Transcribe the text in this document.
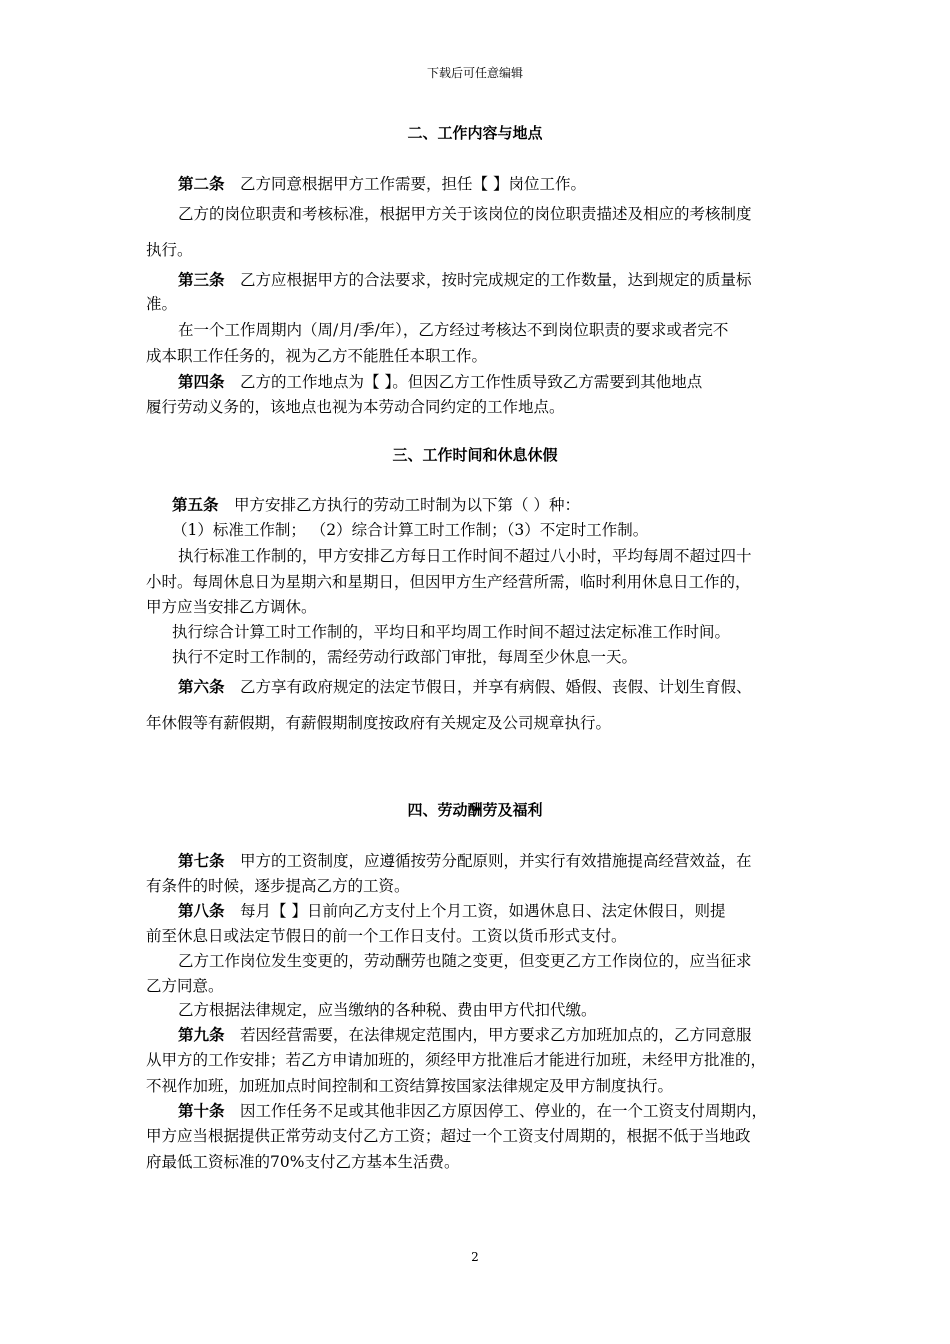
下载后可任意编辑
二、工作内容与地点
第二条　 乙方同意根据甲方工作需要，担任【 】岗位工作。
乙方的岗位职责和考核标准，根据甲方关于该岗位的岗位职责描述及相应的考核制度
执行。
第三条　 乙方应根据甲方的合法要求，按时完成规定的工作数量，达到规定的质量标
准。
在一个工作周期内（周/月/季/年），乙方经过考核达不到岗位职责的要求或者完不
成本职工作任务的，视为乙方不能胜任本职工作。
第四条　 乙方的工作地点为【 】。但因乙方工作性质导致乙方需要到其他地点
履行劳动义务的，该地点也视为本劳动合同约定的工作地点。
三、工作时间和休息休假
第五条　 甲方安排乙方执行的劳动工时制为以下第（ ）种：
（1）标准工作制； （2）综合计算工时工作制；（3）不定时工作制。
执行标准工作制的，甲方安排乙方每日工作时间不超过八小时，平均每周不超过四十
小时。每周休息日为星期六和星期日，但因甲方生产经营所需，临时利用休息日工作的，
甲方应当安排乙方调休。
执行综合计算工时工作制的，平均日和平均周工作时间不超过法定标准工作时间。
执行不定时工作制的，需经劳动行政部门审批，每周至少休息一天。
第六条　 乙方享有政府规定的法定节假日，并享有病假、婚假、丧假、计划生育假、
年休假等有薪假期，有薪假期制度按政府有关规定及公司规章执行。
四、劳动酬劳及福利
第七条　 甲方的工资制度，应遵循按劳分配原则，并实行有效措施提高经营效益，在
有条件的时候，逐步提高乙方的工资。
第八条　 每月【 】日前向乙方支付上个月工资，如遇休息日、法定休假日，则提
前至休息日或法定节假日的前一个工作日支付。工资以货币形式支付。
乙方工作岗位发生变更的，劳动酬劳也随之变更，但变更乙方工作岗位的，应当征求
乙方同意。
乙方根据法律规定，应当缴纳的各种税、费由甲方代扣代缴。
第九条　 若因经营需要，在法律规定范围内，甲方要求乙方加班加点的，乙方同意服
从甲方的工作安排；若乙方申请加班的，须经甲方批准后才能进行加班，未经甲方批准的，
不视作加班，加班加点时间控制和工资结算按国家法律规定及甲方制度执行。
第十条　 因工作任务不足或其他非因乙方原因停工、停业的，在一个工资支付周期内，
甲方应当根据提供正常劳动支付乙方工资；超过一个工资支付周期的，根据不低于当地政
府最低工资标准的70%支付乙方基本生活费。
2
